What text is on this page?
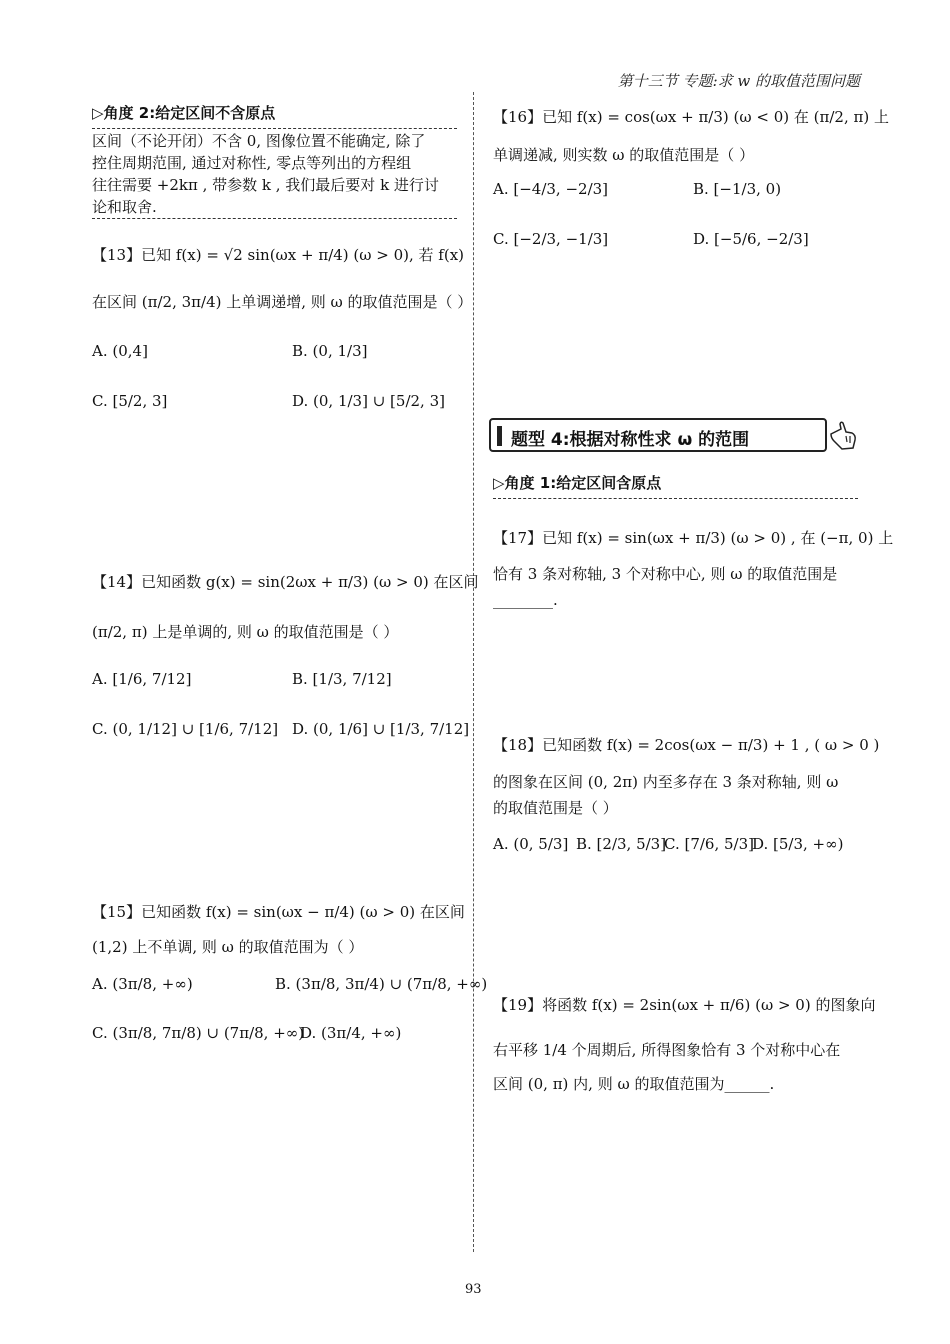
第十三节 专题:求 w 的取值范围问题
▷角度 2:给定区间不含原点
区间（不论开闭）不含 0, 图像位置不能确定, 除了
控住周期范围, 通过对称性, 零点等列出的方程组
往往需要 +2kπ , 带参数 k , 我们最后要对 k 进行讨
论和取舍.
【13】已知 f(x) = √2 sin(ωx + π/4) (ω > 0), 若 f(x)
在区间 (π/2, 3π/4) 上单调递增, 则 ω 的取值范围是（ ）
A. (0,4]	B. (0, 1/3]
C. [5/2, 3]	D. (0, 1/3] ∪ [5/2, 3]
【14】已知函数 g(x) = sin(2ωx + π/3) (ω > 0) 在区间
(π/2, π) 上是单调的, 则 ω 的取值范围是（ ）
A. [1/6, 7/12]	B. [1/3, 7/12]
C. (0, 1/12] ∪ [1/6, 7/12] D. (0, 1/6] ∪ [1/3, 7/12]
【15】已知函数 f(x) = sin(ωx − π/4) (ω > 0) 在区间
(1,2) 上不单调, 则 ω 的取值范围为（ ）
A. (3π/8, +∞)	B. (3π/8, 3π/4) ∪ (7π/8, +∞)
C. (3π/8, 7π/8) ∪ (7π/8, +∞)
D. (3π/4, +∞)
【16】已知 f(x) = cos(ωx + π/3) (ω < 0) 在 (π/2, π) 上
单调递减, 则实数 ω 的取值范围是（ ）
A. [−4/3, −2/3]	B. [−1/3, 0)
C. [−2/3, −1/3]	D. [−5/6, −2/3]
题型 4:根据对称性求 ω 的范围
▷角度 1:给定区间含原点
【17】已知 f(x) = sin(ωx + π/3) (ω > 0) , 在 (−π, 0) 上
恰有 3 条对称轴, 3 个对称中心, 则 ω 的取值范围是
________.
【18】已知函数 f(x) = 2cos(ωx − π/3) + 1 , ( ω > 0 )
的图象在区间 (0, 2π) 内至多存在 3 条对称轴, 则 ω
的取值范围是（ ）
A. (0, 5/3] B. [2/3, 5/3]
C. [7/6, 5/3]
D. [5/3, +∞)
【19】将函数 f(x) = 2sin(ωx + π/6) (ω > 0) 的图象向
右平移 1/4 个周期后, 所得图象恰有 3 个对称中心在
区间 (0, π) 内, 则 ω 的取值范围为______.
93
